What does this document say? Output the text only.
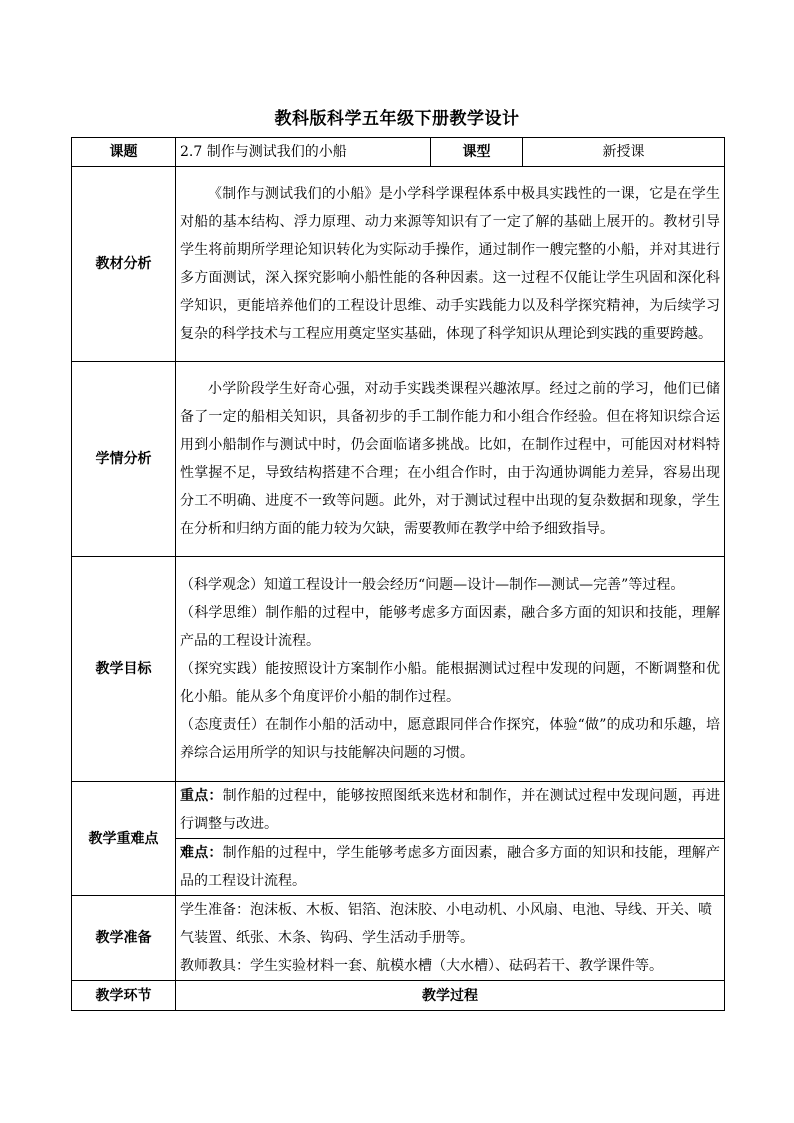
教科版科学五年级下册教学设计
课题	2.7 制作与测试我们的小船	课型	新授课
教材分析	《制作与测试我们的小船》是小学科学课程体系中极具实践性的一课，它是在学生对船的基本结构、浮力原理、动力来源等知识有了一定了解的基础上展开的。教材引导学生将前期所学理论知识转化为实际动手操作，通过制作一艘完整的小船，并对其进行多方面测试，深入探究影响小船性能的各种因素。这一过程不仅能让学生巩固和深化科学知识，更能培养他们的工程设计思维、动手实践能力以及科学探究精神，为后续学习复杂的科学技术与工程应用奠定坚实基础，体现了科学知识从理论到实践的重要跨越。		

学情分析	小学阶段学生好奇心强，对动手实践类课程兴趣浓厚。经过之前的学习，他们已储备了一定的船相关知识，具备初步的手工制作能力和小组合作经验。但在将知识综合运用到小船制作与测试中时，仍会面临诸多挑战。比如，在制作过程中，可能因对材料特性掌握不足，导致结构搭建不合理；在小组合作时，由于沟通协调能力差异，容易出现分工不明确、进度不一致等问题。此外，对于测试过程中出现的复杂数据和现象，学生在分析和归纳方面的能力较为欠缺，需要教师在教学中给予细致指导。		

教学目标	（科学观念）知道工程设计一般会经历“问题—设计—制作—测试—完善”等过程。

（科学思维）制作船的过程中，能够考虑多方面因素，融合多方面的知识和技能，理解产品的工程设计流程。

（探究实践）能按照设计方案制作小船。能根据测试过程中发现的问题，不断调整和优化小船。能从多个角度评价小船的制作过程。

（态度责任）在制作小船的活动中，愿意跟同伴合作探究，体验“做”的成功和乐趣，培养综合运用所学的知识与技能解决问题的习惯。		

教学重难点	重点：制作船的过程中，能够按照图纸来选材和制作，并在测试过程中发现问题，再进行调整与改进。		

	难点：制作船的过程中，学生能够考虑多方面因素，融合多方面的知识和技能，理解产品的工程设计流程。		

教学准备	学生准备：泡沫板、木板、铝箔、泡沫胶、小电动机、小风扇、电池、导线、开关、喷气装置、纸张、木条、钩码、学生活动手册等。

教师教具：学生实验材料一套、航模水槽（大水槽）、砝码若干、教学课件等。		

教学环节	教学过程		
